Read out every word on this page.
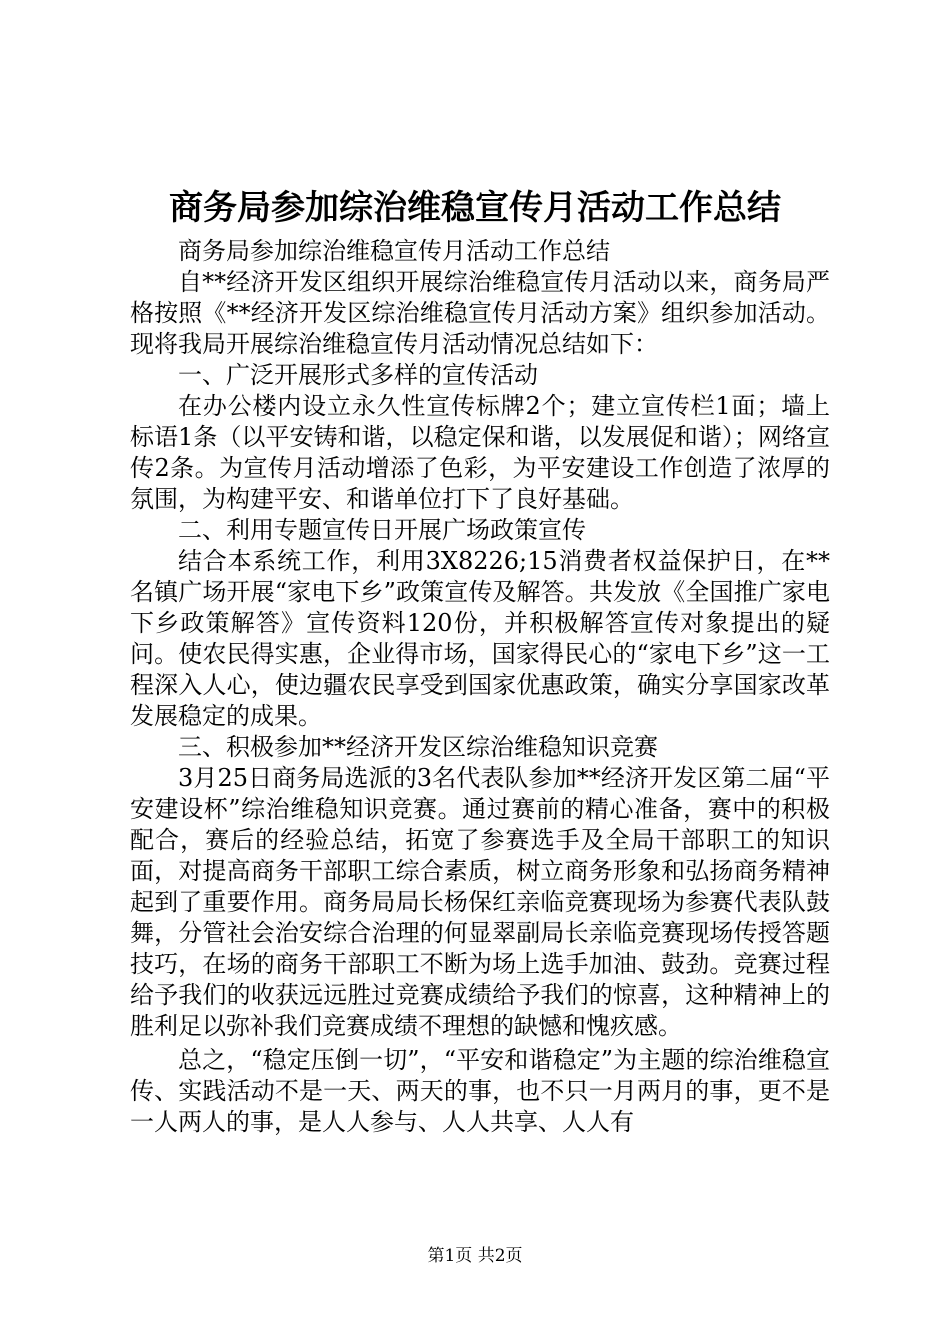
商务局参加综治维稳宣传月活动工作总结

商务局参加综治维稳宣传月活动工作总结

自**经济开发区组织开展综治维稳宣传月活动以来，商务局严格按照《**经济开发区综治维稳宣传月活动方案》组织参加活动。现将我局开展综治维稳宣传月活动情况总结如下：

一、广泛开展形式多样的宣传活动

在办公楼内设立永久性宣传标牌2个；建立宣传栏1面；墙上标语1条（以平安铸和谐，以稳定保和谐，以发展促和谐）；网络宣传2条。为宣传月活动增添了色彩，为平安建设工作创造了浓厚的氛围，为构建平安、和谐单位打下了良好基础。

二、利用专题宣传日开展广场政策宣传

结合本系统工作，利用3X8226;15消费者权益保护日，在**名镇广场开展“家电下乡”政策宣传及解答。共发放《全国推广家电下乡政策解答》宣传资料120份，并积极解答宣传对象提出的疑问。使农民得实惠，企业得市场，国家得民心的“家电下乡”这一工程深入人心，使边疆农民享受到国家优惠政策，确实分享国家改革发展稳定的成果。

三、积极参加**经济开发区综治维稳知识竞赛

3月25日商务局选派的3名代表队参加**经济开发区第二届“平安建设杯”综治维稳知识竞赛。通过赛前的精心准备，赛中的积极配合，赛后的经验总结，拓宽了参赛选手及全局干部职工的知识面，对提高商务干部职工综合素质，树立商务形象和弘扬商务精神起到了重要作用。商务局局长杨保红亲临竞赛现场为参赛代表队鼓舞，分管社会治安综合治理的何显翠副局长亲临竞赛现场传授答题技巧，在场的商务干部职工不断为场上选手加油、鼓劲。竞赛过程给予我们的收获远远胜过竞赛成绩给予我们的惊喜，这种精神上的胜利足以弥补我们竞赛成绩不理想的缺憾和愧疚感。

总之，“稳定压倒一切”，“平安和谐稳定”为主题的综治维稳宣传、实践活动不是一天、两天的事，也不只一月两月的事，更不是一人两人的事，是人人参与、人人共享、人人有

第1页 共2页
